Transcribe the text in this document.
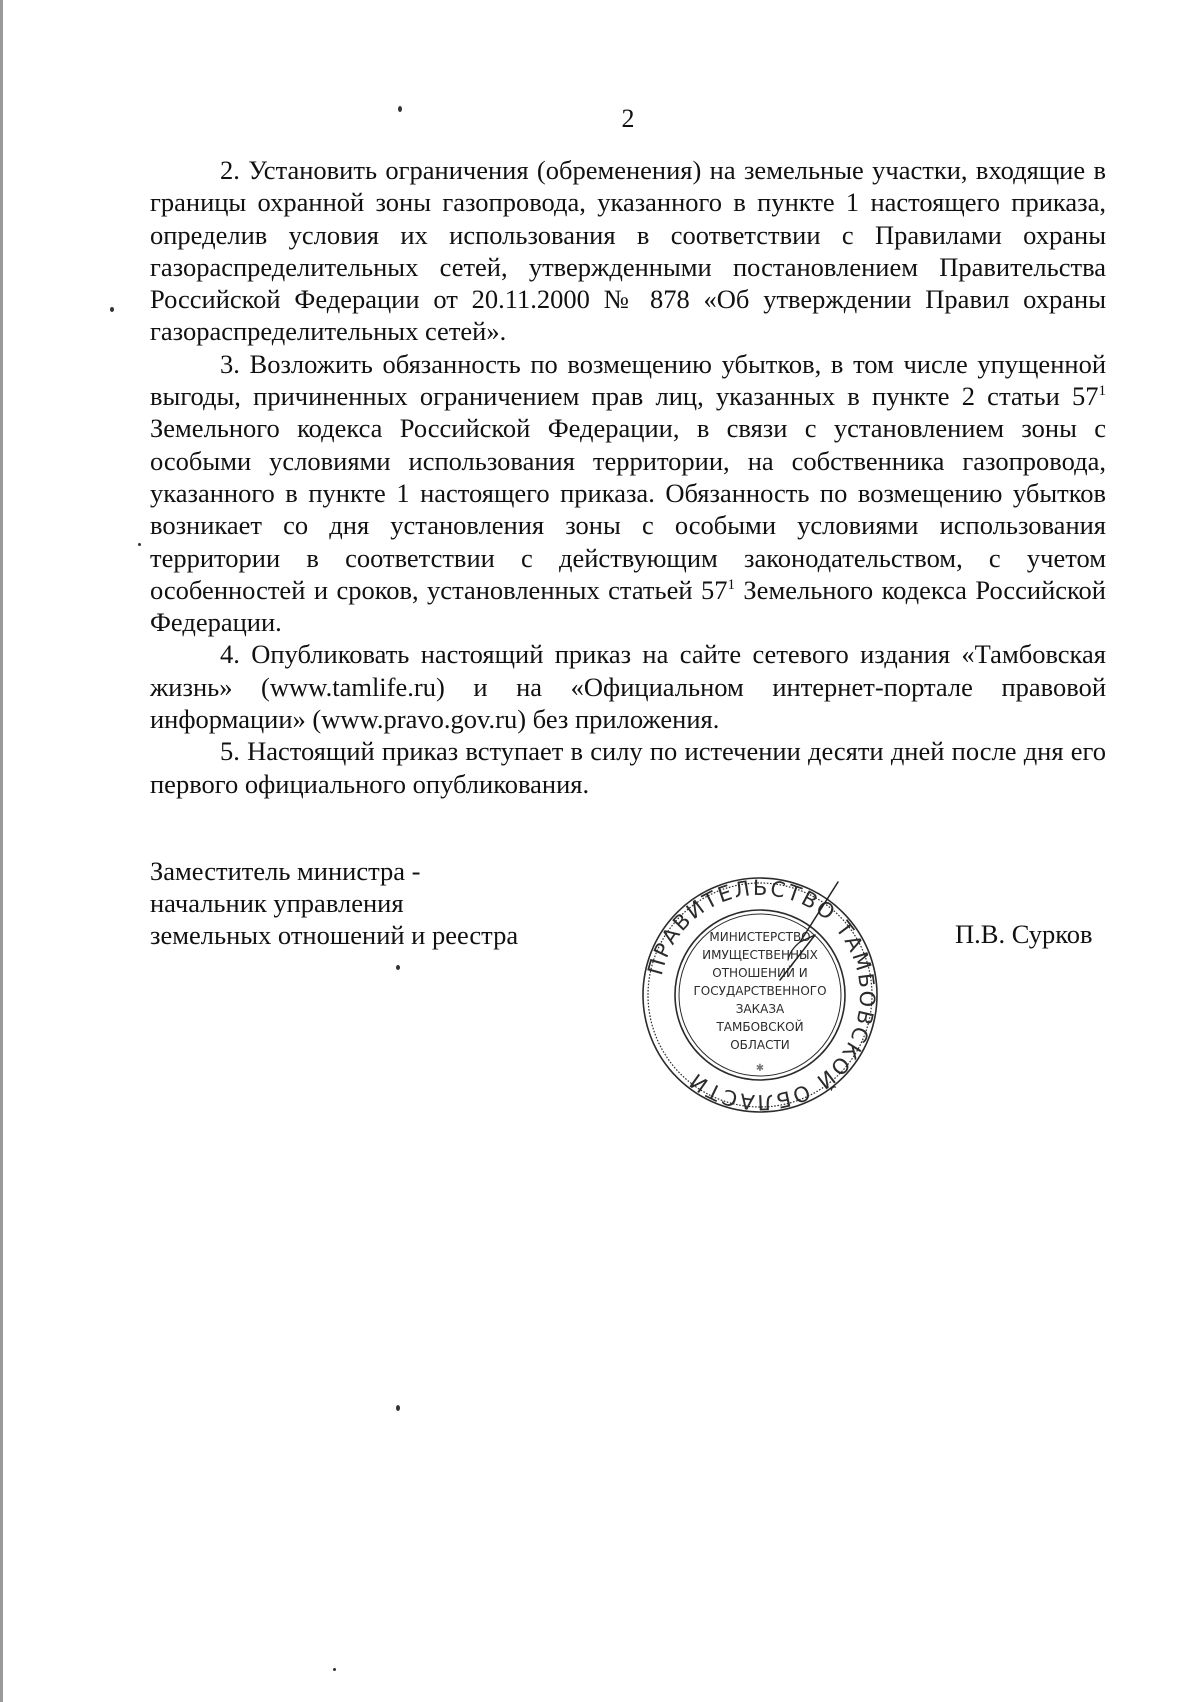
2

2. Установить ограничения (обременения) на земельные участки, входящие в границы охранной зоны газопровода, указанного в пункте 1 настоящего приказа, определив условия их использования в соответствии с Правилами охраны газораспределительных сетей, утвержденными постановлением Правительства Российской Федерации от 20.11.2000 № 878 «Об утверждении Правил охраны газораспределительных сетей».

3. Возложить обязанность по возмещению убытков, в том числе упущенной выгоды, причиненных ограничением прав лиц, указанных в пункте 2 статьи $57^1$ Земельного кодекса Российской Федерации, в связи с установлением зоны с особыми условиями использования территории, на собственника газопровода, указанного в пункте 1 настоящего приказа. Обязанность по возмещению убытков возникает со дня установления зоны с особыми условиями использования территории в соответствии с действующим законодательством, с учетом особенностей и сроков, установленных статьей $57^1$ Земельного кодекса Российской Федерации.

4. Опубликовать настоящий приказ на сайте сетевого издания «Тамбовская жизнь» (www.tamlife.ru) и на «Официальном интернет-портале правовой информации» (www.pravo.gov.ru) без приложения.

5. Настоящий приказ вступает в силу по истечении десяти дней после дня его первого официального опубликования.

Заместитель министра -
начальник управления
земельных отношений и реестра	П.В. Сурков
ПРАВИТЕЛЬСТВО ТАМБОВСКОЙ ОБЛАСТИ
МИНИСТЕРСТВО
ИМУЩЕСТВЕННЫХ
ОТНОШЕНИЙ И
ГОСУДАРСТВЕННОГО
ЗАКАЗА
ТАМБОВСКОЙ
ОБЛАСТИ
✱
